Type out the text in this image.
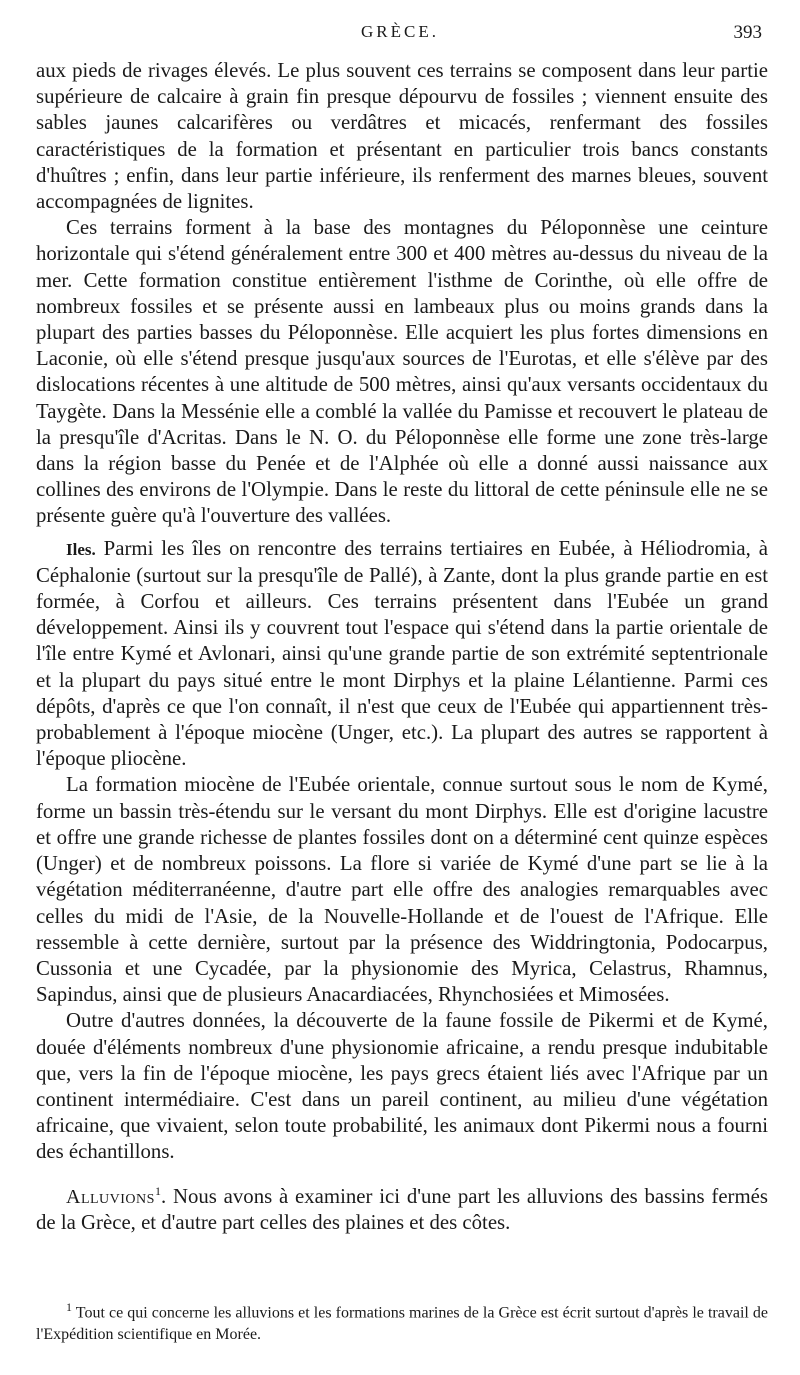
GRÈCE.	393

aux pieds de rivages élevés. Le plus souvent ces terrains se composent dans leur partie supérieure de calcaire à grain fin presque dépourvu de fossiles ; viennent ensuite des sables jaunes calcarifères ou verdâtres et micacés, renfermant des fossiles caractéristiques de la formation et présentant en particulier trois bancs constants d'huîtres ; enfin, dans leur partie inférieure, ils renferment des marnes bleues, souvent accompagnées de lignites.

Ces terrains forment à la base des montagnes du Péloponnèse une ceinture horizontale qui s'étend généralement entre 300 et 400 mètres au-dessus du niveau de la mer. Cette formation constitue entièrement l'isthme de Corinthe, où elle offre de nombreux fossiles et se présente aussi en lambeaux plus ou moins grands dans la plupart des parties basses du Péloponnèse. Elle acquiert les plus fortes dimensions en Laconie, où elle s'étend presque jusqu'aux sources de l'Eurotas, et elle s'élève par des dislocations récentes à une altitude de 500 mètres, ainsi qu'aux versants occidentaux du Taygète. Dans la Messénie elle a comblé la vallée du Pamisse et recouvert le plateau de la presqu'île d'Acritas. Dans le N. O. du Péloponnèse elle forme une zone très-large dans la région basse du Penée et de l'Alphée où elle a donné aussi naissance aux collines des environs de l'Olympie. Dans le reste du littoral de cette péninsule elle ne se présente guère qu'à l'ouverture des vallées.

Iles. Parmi les îles on rencontre des terrains tertiaires en Eubée, à Héliodromia, à Céphalonie (surtout sur la presqu'île de Pallé), à Zante, dont la plus grande partie en est formée, à Corfou et ailleurs. Ces terrains présentent dans l'Eubée un grand développement. Ainsi ils y couvrent tout l'espace qui s'étend dans la partie orientale de l'île entre Kymé et Avlonari, ainsi qu'une grande partie de son extrémité septentrionale et la plupart du pays situé entre le mont Dirphys et la plaine Lélantienne. Parmi ces dépôts, d'après ce que l'on connaît, il n'est que ceux de l'Eubée qui appartiennent très-probablement à l'époque miocène (Unger, etc.). La plupart des autres se rapportent à l'époque pliocène.

La formation miocène de l'Eubée orientale, connue surtout sous le nom de Kymé, forme un bassin très-étendu sur le versant du mont Dirphys. Elle est d'origine lacustre et offre une grande richesse de plantes fossiles dont on a déterminé cent quinze espèces (Unger) et de nombreux poissons. La flore si variée de Kymé d'une part se lie à la végétation méditerranéenne, d'autre part elle offre des analogies remarquables avec celles du midi de l'Asie, de la Nouvelle-Hollande et de l'ouest de l'Afrique. Elle ressemble à cette dernière, surtout par la présence des Widdringtonia, Podocarpus, Cussonia et une Cycadée, par la physionomie des Myrica, Celastrus, Rhamnus, Sapindus, ainsi que de plusieurs Anacardiacées, Rhynchosiées et Mimosées.

Outre d'autres données, la découverte de la faune fossile de Pikermi et de Kymé, douée d'éléments nombreux d'une physionomie africaine, a rendu presque indubitable que, vers la fin de l'époque miocène, les pays grecs étaient liés avec l'Afrique par un continent intermédiaire. C'est dans un pareil continent, au milieu d'une végétation africaine, que vivaient, selon toute probabilité, les animaux dont Pikermi nous a fourni des échantillons.

Alluvions$^1$. Nous avons à examiner ici d'une part les alluvions des bassins fermés de la Grèce, et d'autre part celles des plaines et des côtes.

$^1$ Tout ce qui concerne les alluvions et les formations marines de la Grèce est écrit surtout d'après le travail de l'Expédition scientifique en Morée.
